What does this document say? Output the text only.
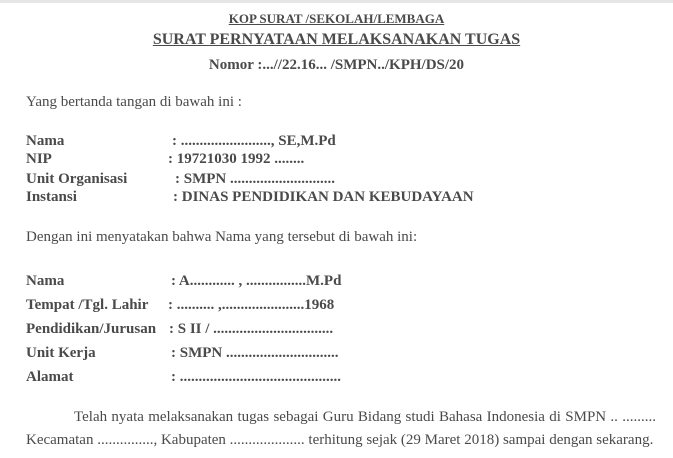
KOP SURAT /SEKOLAH/LEMBAGA
SURAT PERNYATAAN MELAKSANAKAN TUGAS
Nomor :...//22.16... /SMPN../KPH/DS/20
Yang bertanda tangan di bawah ini :
Nama	: ........................, SE,M.Pd
NIP	: 19721030 1992 ........
Unit Organisasi	: SMPN ............................
Instansi	: DINAS PENDIDIKAN DAN KEBUDAYAAN
Dengan ini menyatakan bahwa Nama yang tersebut di bawah ini:
Nama	: A............ , ................M.Pd
Tempat /Tgl. Lahir : .......... ,......................1968
Pendidikan/Jurusan : S II / ................................
Unit Kerja	: SMPN ..............................
Alamat	: ...........................................
Telah nyata melaksanakan tugas sebagai Guru Bidang studi Bahasa Indonesia di SMPN .. ......... Kecamatan ..............., Kabupaten .................... terhitung sejak (29 Maret 2018) sampai dengan sekarang.
